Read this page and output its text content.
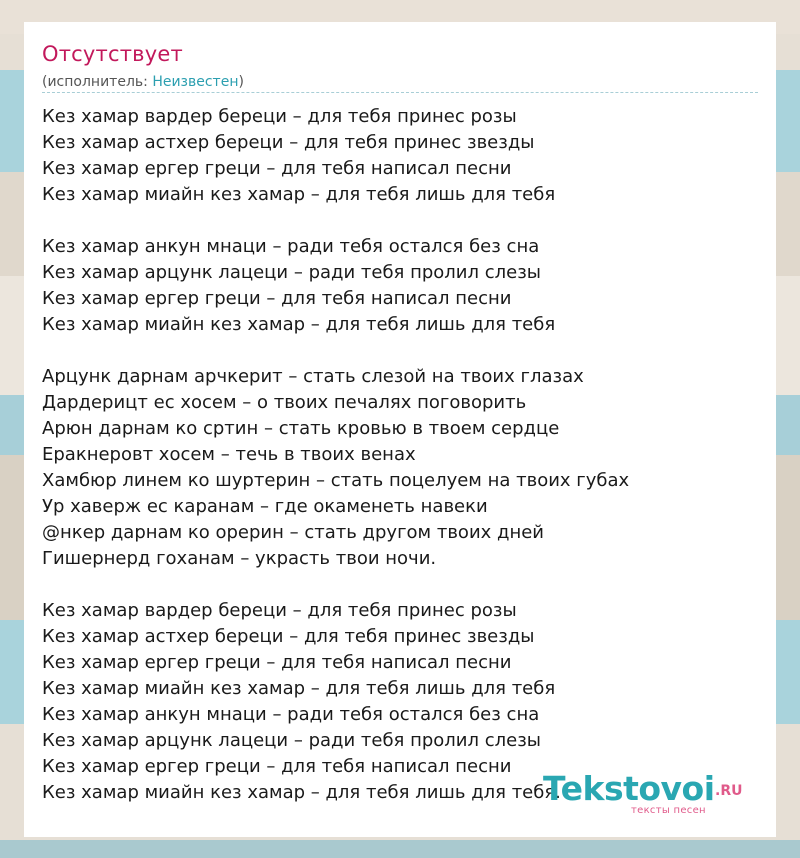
Отсутствует
(исполнитель: Неизвестен)
Кез хамар вардер береци – для тебя принес розы
Кез хамар астхер береци – для тебя принес звезды
Кез хамар ергер греци – для тебя написал песни
Кез хамар миайн кез хамар – для тебя лишь для тебя
Кез хамар анкун мнаци – ради тебя остался без сна
Кез хамар арцунк лацеци – ради тебя пролил слезы
Кез хамар ергер греци – для тебя написал песни
Кез хамар миайн кез хамар – для тебя лишь для тебя
Арцунк дарнам арчкерит – стать слезой на твоих глазах
Дардерицт ес хосем – о твоих печалях поговорить
Арюн дарнам ко сртин – стать кровью в твоем сердце
Еракнеровт хосем – течь в твоих венах
Хамбюр линем ко шуртерин – стать поцелуем на твоих губах
Ур хаверж ес каранам – где окаменеть навеки
@нкер дарнам ко орерин – стать другом твоих дней
Гишернерд гоханам – украсть твои ночи.
Кез хамар вардер береци – для тебя принес розы
Кез хамар астхер береци – для тебя принес звезды
Кез хамар ергер греци – для тебя написал песни
Кез хамар миайн кез хамар – для тебя лишь для тебя
Кез хамар анкун мнаци – ради тебя остался без сна
Кез хамар арцунк лацеци – ради тебя пролил слезы
Кез хамар ергер греци – для тебя написал песни
Кез хамар миайн кез хамар – для тебя лишь для тебя.
Tekstovoi .RU
тексты песен
